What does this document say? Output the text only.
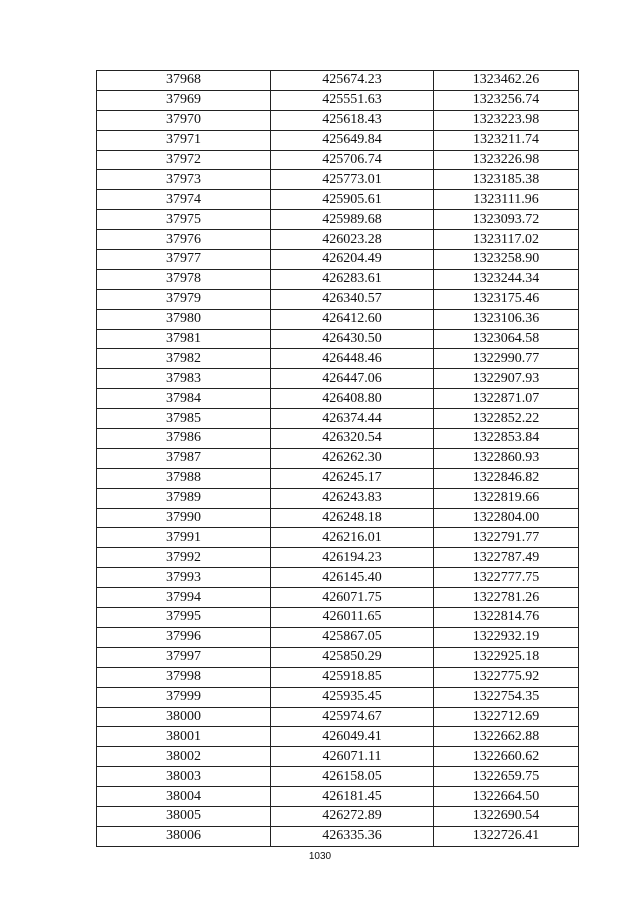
37968	425674.23	1323462.26
37969	425551.63	1323256.74
37970	425618.43	1323223.98
37971	425649.84	1323211.74
37972	425706.74	1323226.98
37973	425773.01	1323185.38
37974	425905.61	1323111.96
37975	425989.68	1323093.72
37976	426023.28	1323117.02
37977	426204.49	1323258.90
37978	426283.61	1323244.34
37979	426340.57	1323175.46
37980	426412.60	1323106.36
37981	426430.50	1323064.58
37982	426448.46	1322990.77
37983	426447.06	1322907.93
37984	426408.80	1322871.07
37985	426374.44	1322852.22
37986	426320.54	1322853.84
37987	426262.30	1322860.93
37988	426245.17	1322846.82
37989	426243.83	1322819.66
37990	426248.18	1322804.00
37991	426216.01	1322791.77
37992	426194.23	1322787.49
37993	426145.40	1322777.75
37994	426071.75	1322781.26
37995	426011.65	1322814.76
37996	425867.05	1322932.19
37997	425850.29	1322925.18
37998	425918.85	1322775.92
37999	425935.45	1322754.35
38000	425974.67	1322712.69
38001	426049.41	1322662.88
38002	426071.11	1322660.62
38003	426158.05	1322659.75
38004	426181.45	1322664.50
38005	426272.89	1322690.54
38006	426335.36	1322726.41
1030
